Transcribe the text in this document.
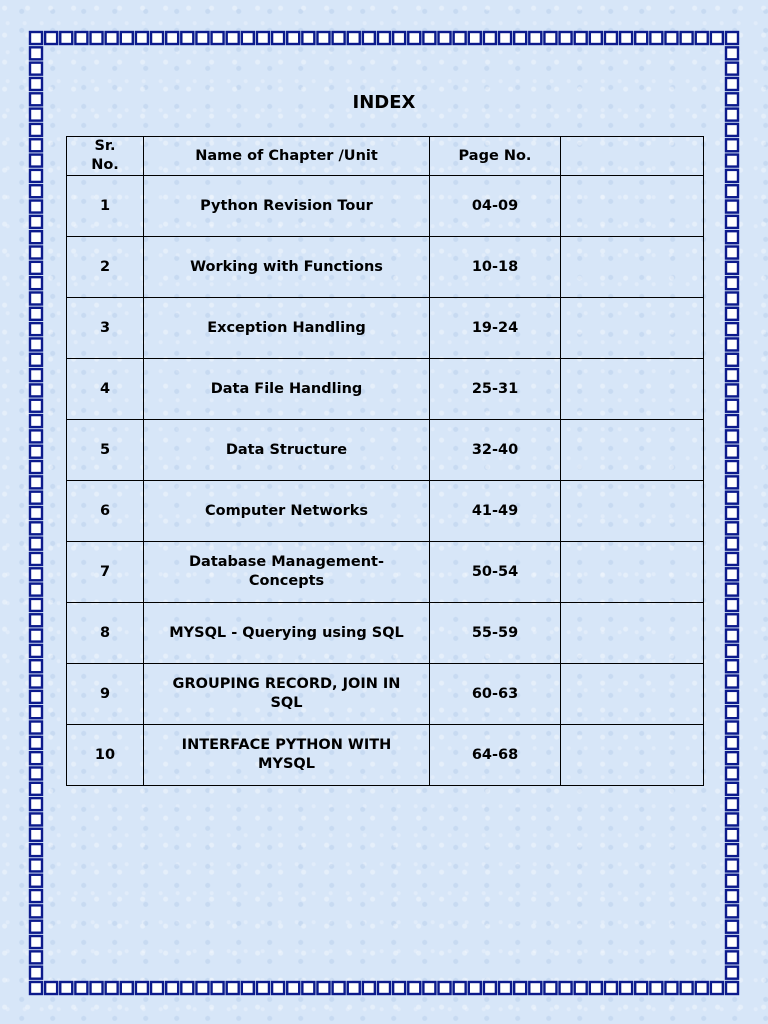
INDEX
Sr. No.	Name of Chapter /Unit	Page No.	
1	Python Revision Tour	04-09	
2	Working with Functions	10-18	
3	Exception Handling	19-24	
4	Data File Handling	25-31	
5	Data Structure	32-40	
6	Computer Networks	41-49	
7	Database Management-Concepts	50-54	
8	MYSQL - Querying using SQL	55-59	
9	GROUPING RECORD, JOIN IN SQL	60-63	
10	INTERFACE PYTHON WITH MYSQL	64-68	
